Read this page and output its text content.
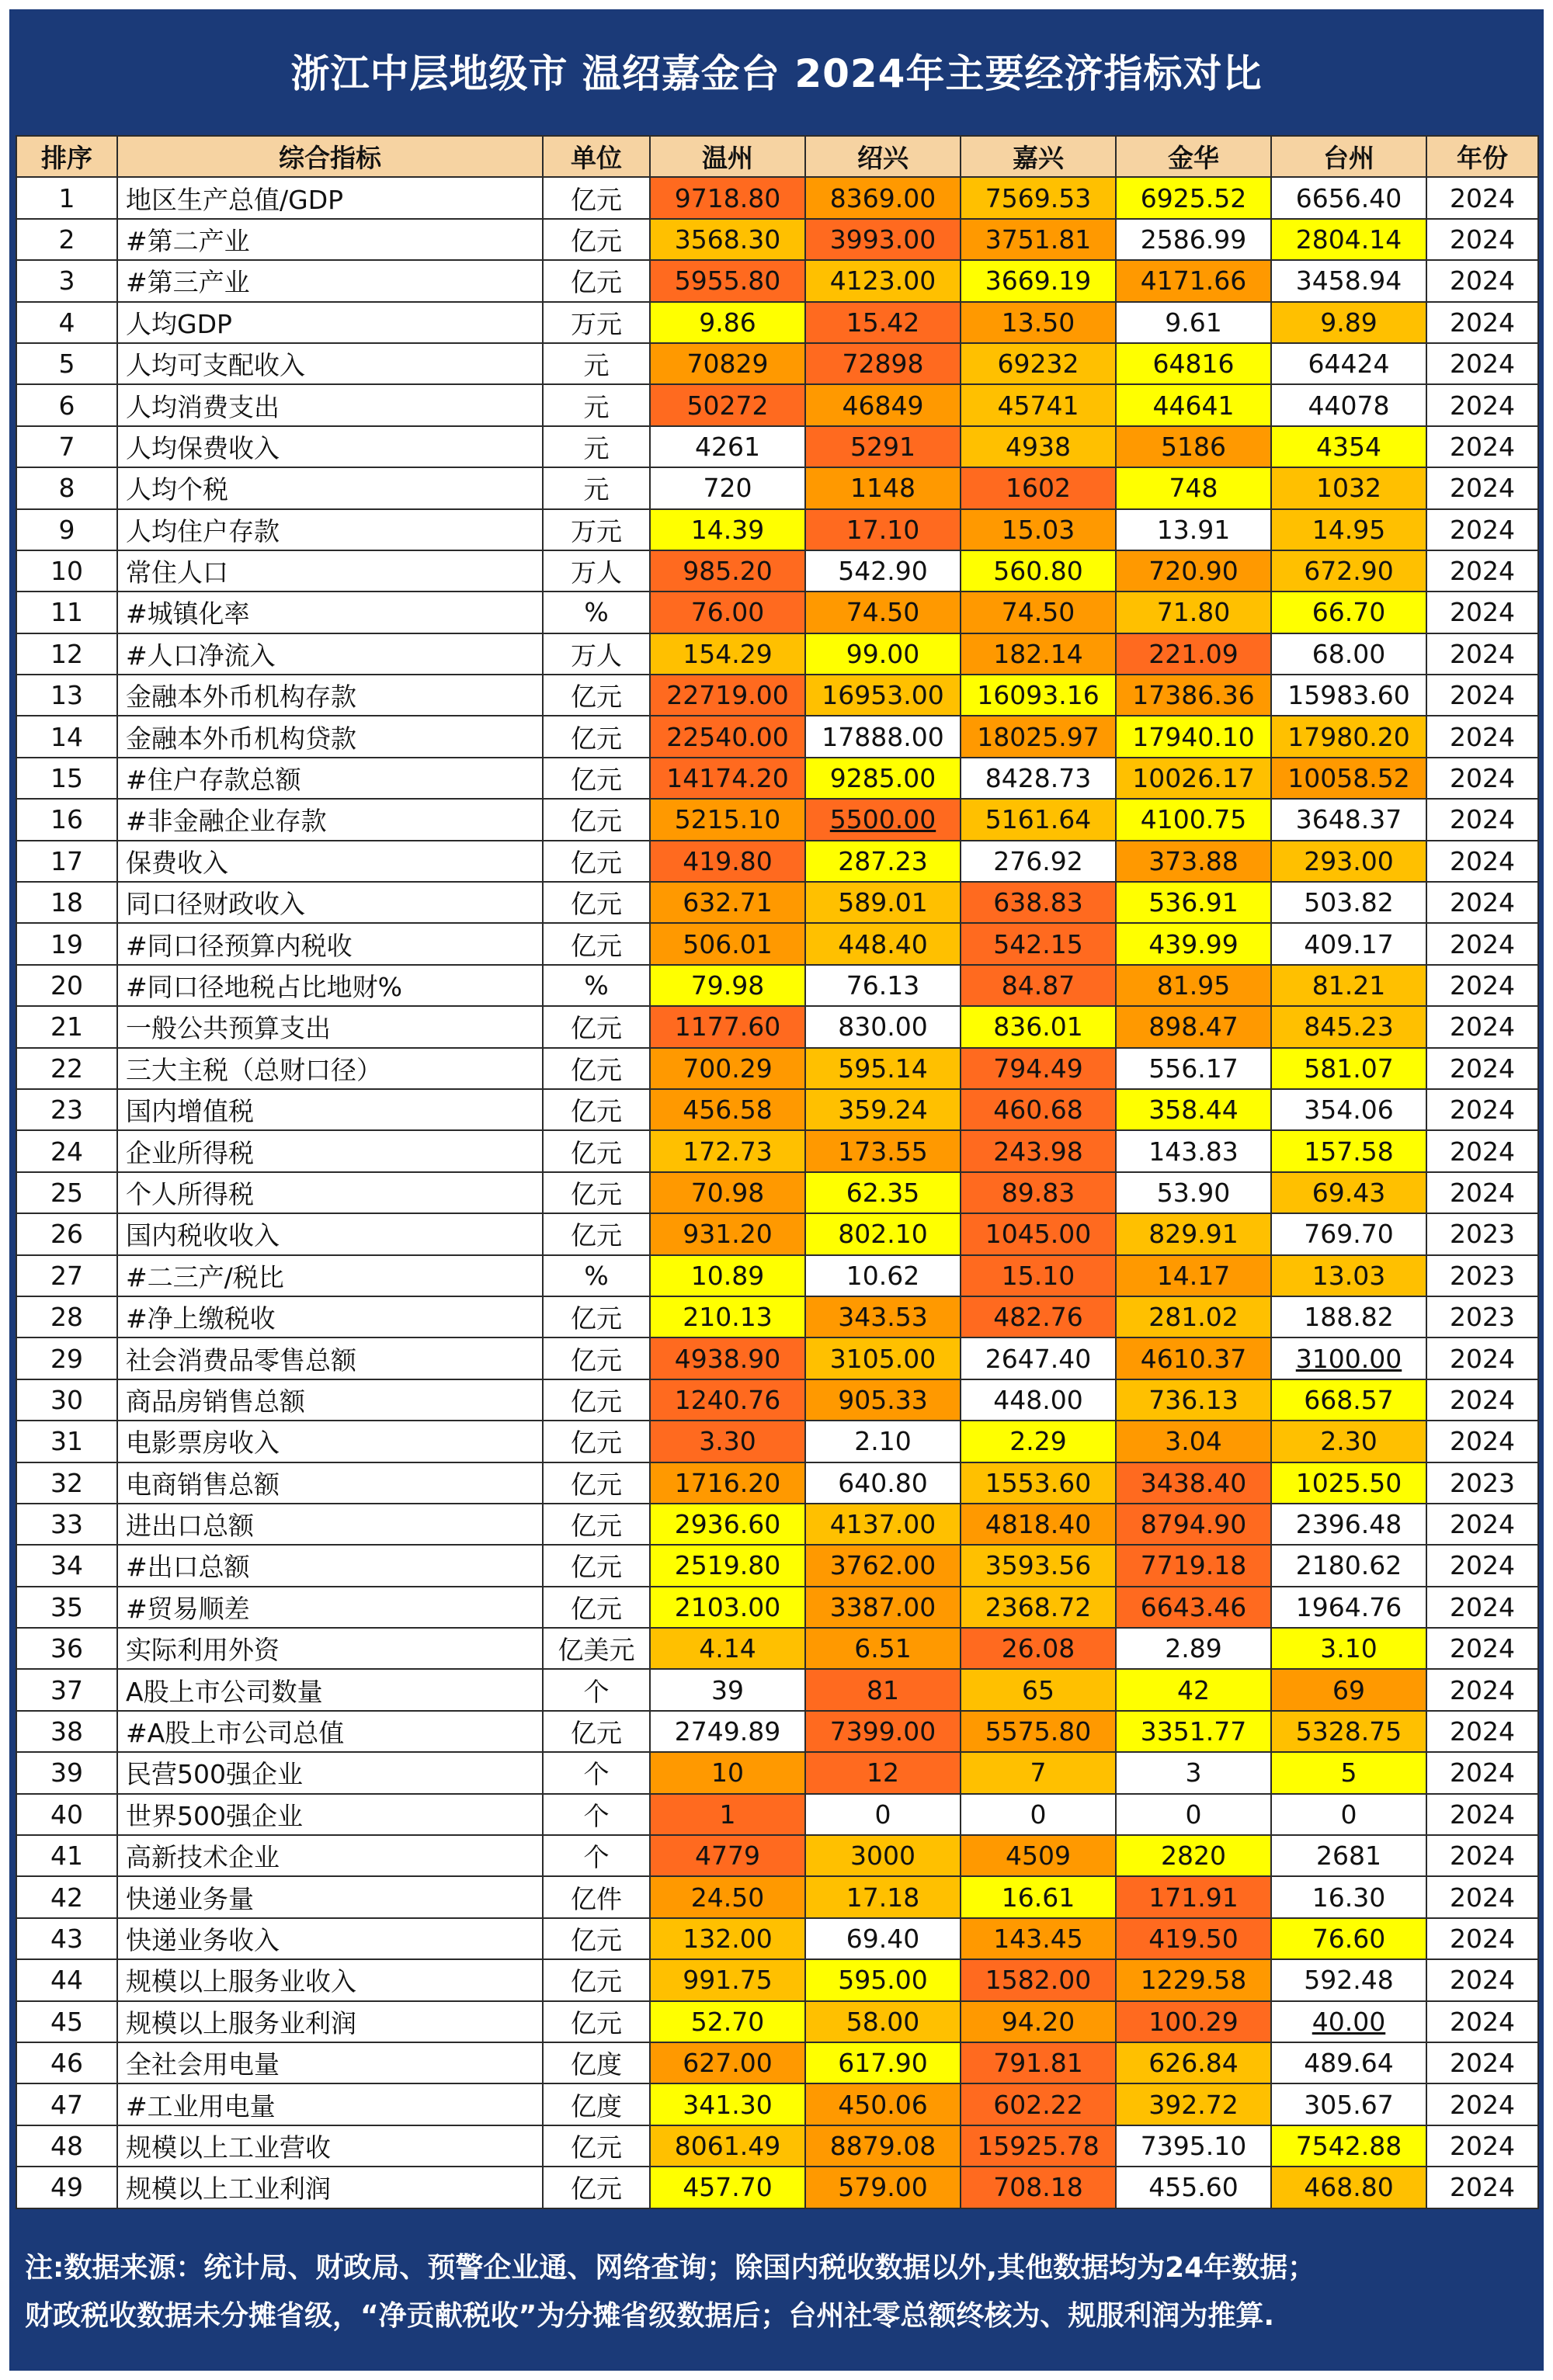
浙江中层地级市 温绍嘉金台 2024年主要经济指标对比
排序	综合指标	单位	温州	绍兴	嘉兴	金华	台州	年份
1	地区生产总值/GDP	亿元	9718.80	8369.00	7569.53	6925.52	6656.40	2024
2	#第二产业	亿元	3568.30	3993.00	3751.81	2586.99	2804.14	2024
3	#第三产业	亿元	5955.80	4123.00	3669.19	4171.66	3458.94	2024
4	人均GDP	万元	9.86	15.42	13.50	9.61	9.89	2024
5	人均可支配收入	元	70829	72898	69232	64816	64424	2024
6	人均消费支出	元	50272	46849	45741	44641	44078	2024
7	人均保费收入	元	4261	5291	4938	5186	4354	2024
8	人均个税	元	720	1148	1602	748	1032	2024
9	人均住户存款	万元	14.39	17.10	15.03	13.91	14.95	2024
10	常住人口	万人	985.20	542.90	560.80	720.90	672.90	2024
11	#城镇化率	%	76.00	74.50	74.50	71.80	66.70	2024
12	#人口净流入	万人	154.29	99.00	182.14	221.09	68.00	2024
13	金融本外币机构存款	亿元	22719.00	16953.00	16093.16	17386.36	15983.60	2024
14	金融本外币机构贷款	亿元	22540.00	17888.00	18025.97	17940.10	17980.20	2024
15	#住户存款总额	亿元	14174.20	9285.00	8428.73	10026.17	10058.52	2024
16	#非金融企业存款	亿元	5215.10	5500.00	5161.64	4100.75	3648.37	2024
17	保费收入	亿元	419.80	287.23	276.92	373.88	293.00	2024
18	同口径财政收入	亿元	632.71	589.01	638.83	536.91	503.82	2024
19	#同口径预算内税收	亿元	506.01	448.40	542.15	439.99	409.17	2024
20	#同口径地税占比地财%	%	79.98	76.13	84.87	81.95	81.21	2024
21	一般公共预算支出	亿元	1177.60	830.00	836.01	898.47	845.23	2024
22	三大主税（总财口径）	亿元	700.29	595.14	794.49	556.17	581.07	2024
23	国内增值税	亿元	456.58	359.24	460.68	358.44	354.06	2024
24	企业所得税	亿元	172.73	173.55	243.98	143.83	157.58	2024
25	个人所得税	亿元	70.98	62.35	89.83	53.90	69.43	2024
26	国内税收收入	亿元	931.20	802.10	1045.00	829.91	769.70	2023
27	#二三产/税比	%	10.89	10.62	15.10	14.17	13.03	2023
28	#净上缴税收	亿元	210.13	343.53	482.76	281.02	188.82	2023
29	社会消费品零售总额	亿元	4938.90	3105.00	2647.40	4610.37	3100.00	2024
30	商品房销售总额	亿元	1240.76	905.33	448.00	736.13	668.57	2024
31	电影票房收入	亿元	3.30	2.10	2.29	3.04	2.30	2024
32	电商销售总额	亿元	1716.20	640.80	1553.60	3438.40	1025.50	2023
33	进出口总额	亿元	2936.60	4137.00	4818.40	8794.90	2396.48	2024
34	#出口总额	亿元	2519.80	3762.00	3593.56	7719.18	2180.62	2024
35	#贸易顺差	亿元	2103.00	3387.00	2368.72	6643.46	1964.76	2024
36	实际利用外资	亿美元	4.14	6.51	26.08	2.89	3.10	2024
37	A股上市公司数量	个	39	81	65	42	69	2024
38	#A股上市公司总值	亿元	2749.89	7399.00	5575.80	3351.77	5328.75	2024
39	民营500强企业	个	10	12	7	3	5	2024
40	世界500强企业	个	1	0	0	0	0	2024
41	高新技术企业	个	4779	3000	4509	2820	2681	2024
42	快递业务量	亿件	24.50	17.18	16.61	171.91	16.30	2024
43	快递业务收入	亿元	132.00	69.40	143.45	419.50	76.60	2024
44	规模以上服务业收入	亿元	991.75	595.00	1582.00	1229.58	592.48	2024
45	规模以上服务业利润	亿元	52.70	58.00	94.20	100.29	40.00	2024
46	全社会用电量	亿度	627.00	617.90	791.81	626.84	489.64	2024
47	#工业用电量	亿度	341.30	450.06	602.22	392.72	305.67	2024
48	规模以上工业营收	亿元	8061.49	8879.08	15925.78	7395.10	7542.88	2024
49	规模以上工业利润	亿元	457.70	579.00	708.18	455.60	468.80	2024
注:数据来源：统计局、财政局、预警企业通、网络查询；除国内税收数据以外,其他数据均为24年数据；
财政税收数据未分摊省级，“净贡献税收”为分摊省级数据后；台州社零总额终核为、规服利润为推算.
